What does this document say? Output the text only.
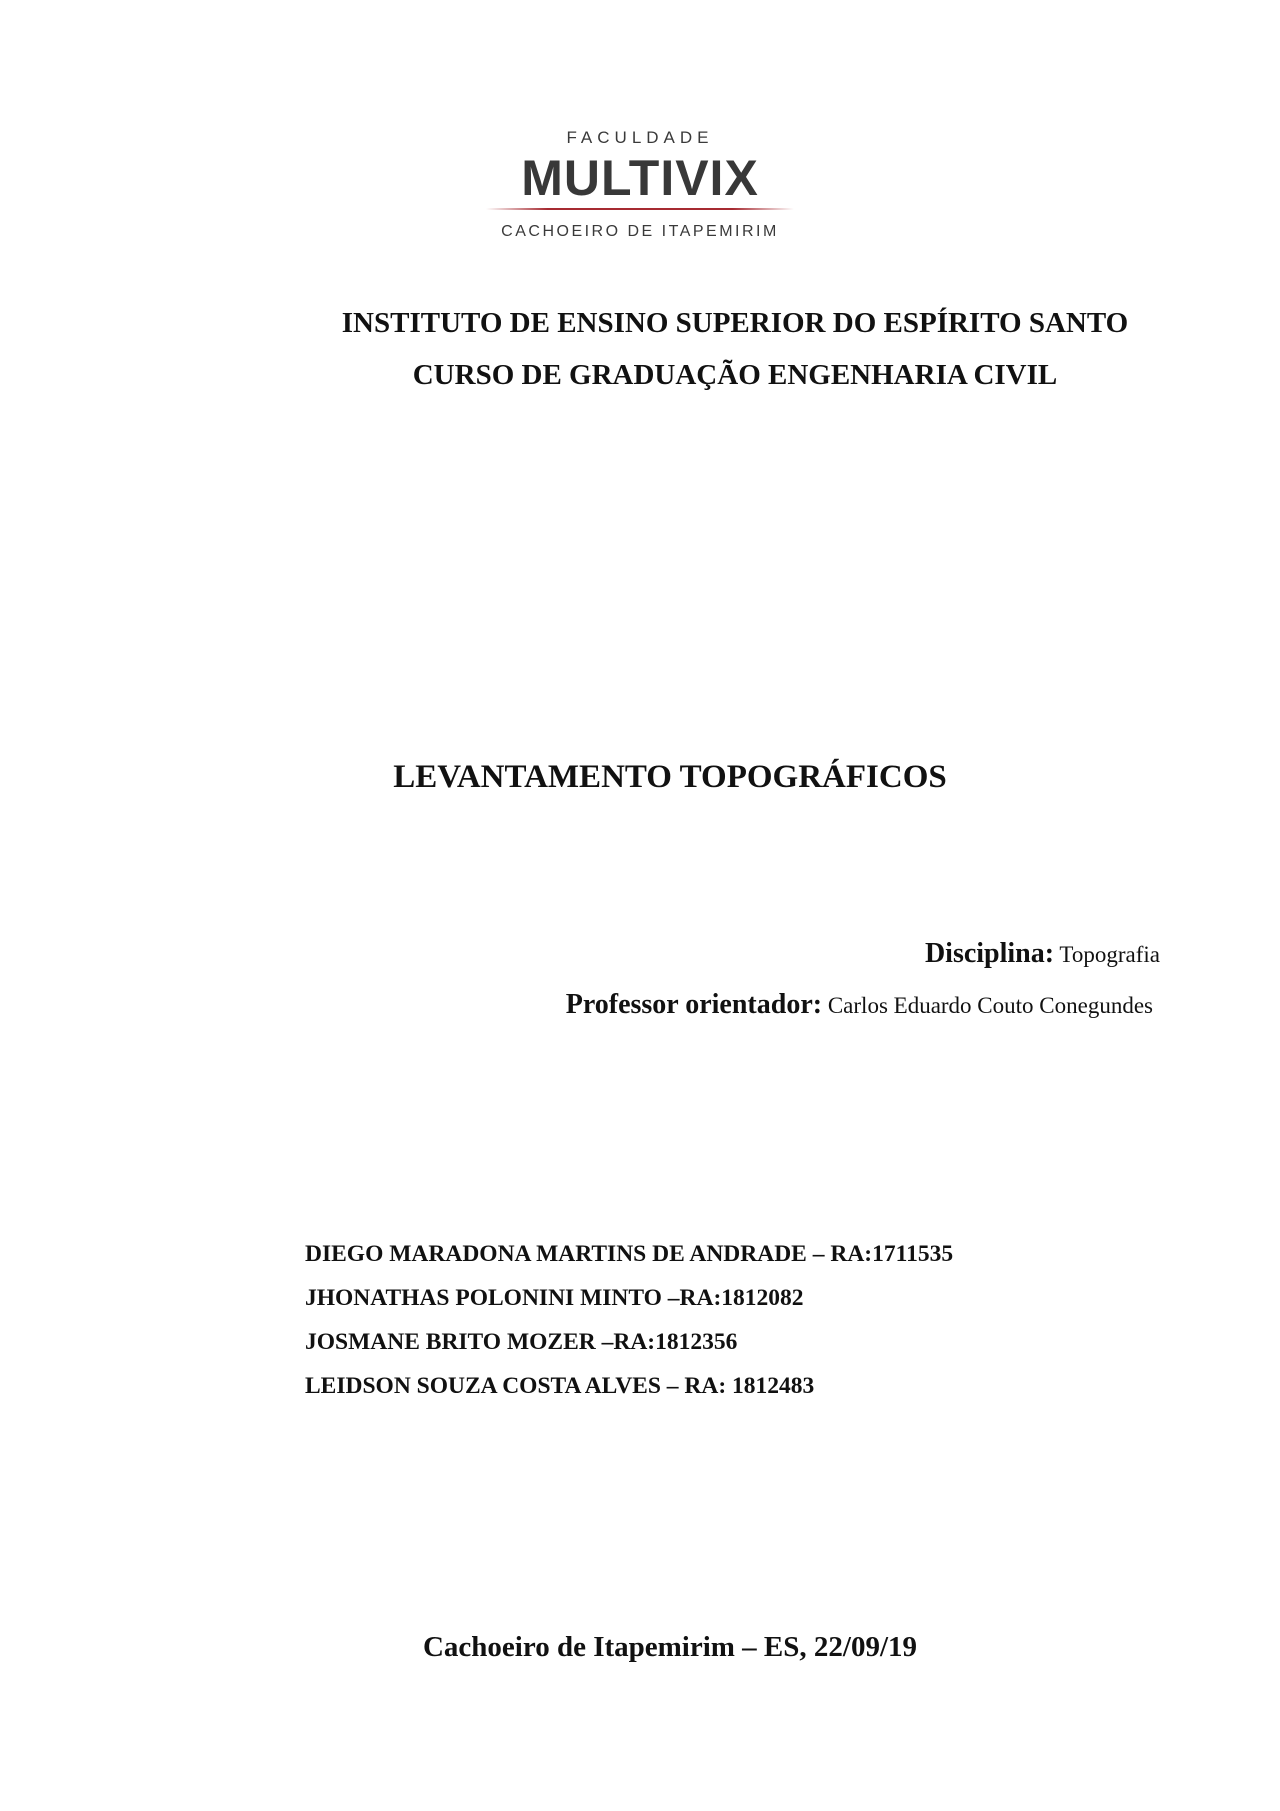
FACULDADE
MULTIVIX
CACHOEIRO DE ITAPEMIRIM
INSTITUTO DE ENSINO SUPERIOR DO ESPÍRITO SANTO
CURSO DE GRADUAÇÃO ENGENHARIA CIVIL
LEVANTAMENTO TOPOGRÁFICOS
Disciplina: Topografia
Professor orientador: Carlos Eduardo Couto Conegundes
DIEGO MARADONA MARTINS DE ANDRADE – RA:1711535
JHONATHAS POLONINI MINTO –RA:1812082
JOSMANE BRITO MOZER –RA:1812356
LEIDSON SOUZA COSTA ALVES – RA: 1812483
Cachoeiro de Itapemirim – ES, 22/09/19
